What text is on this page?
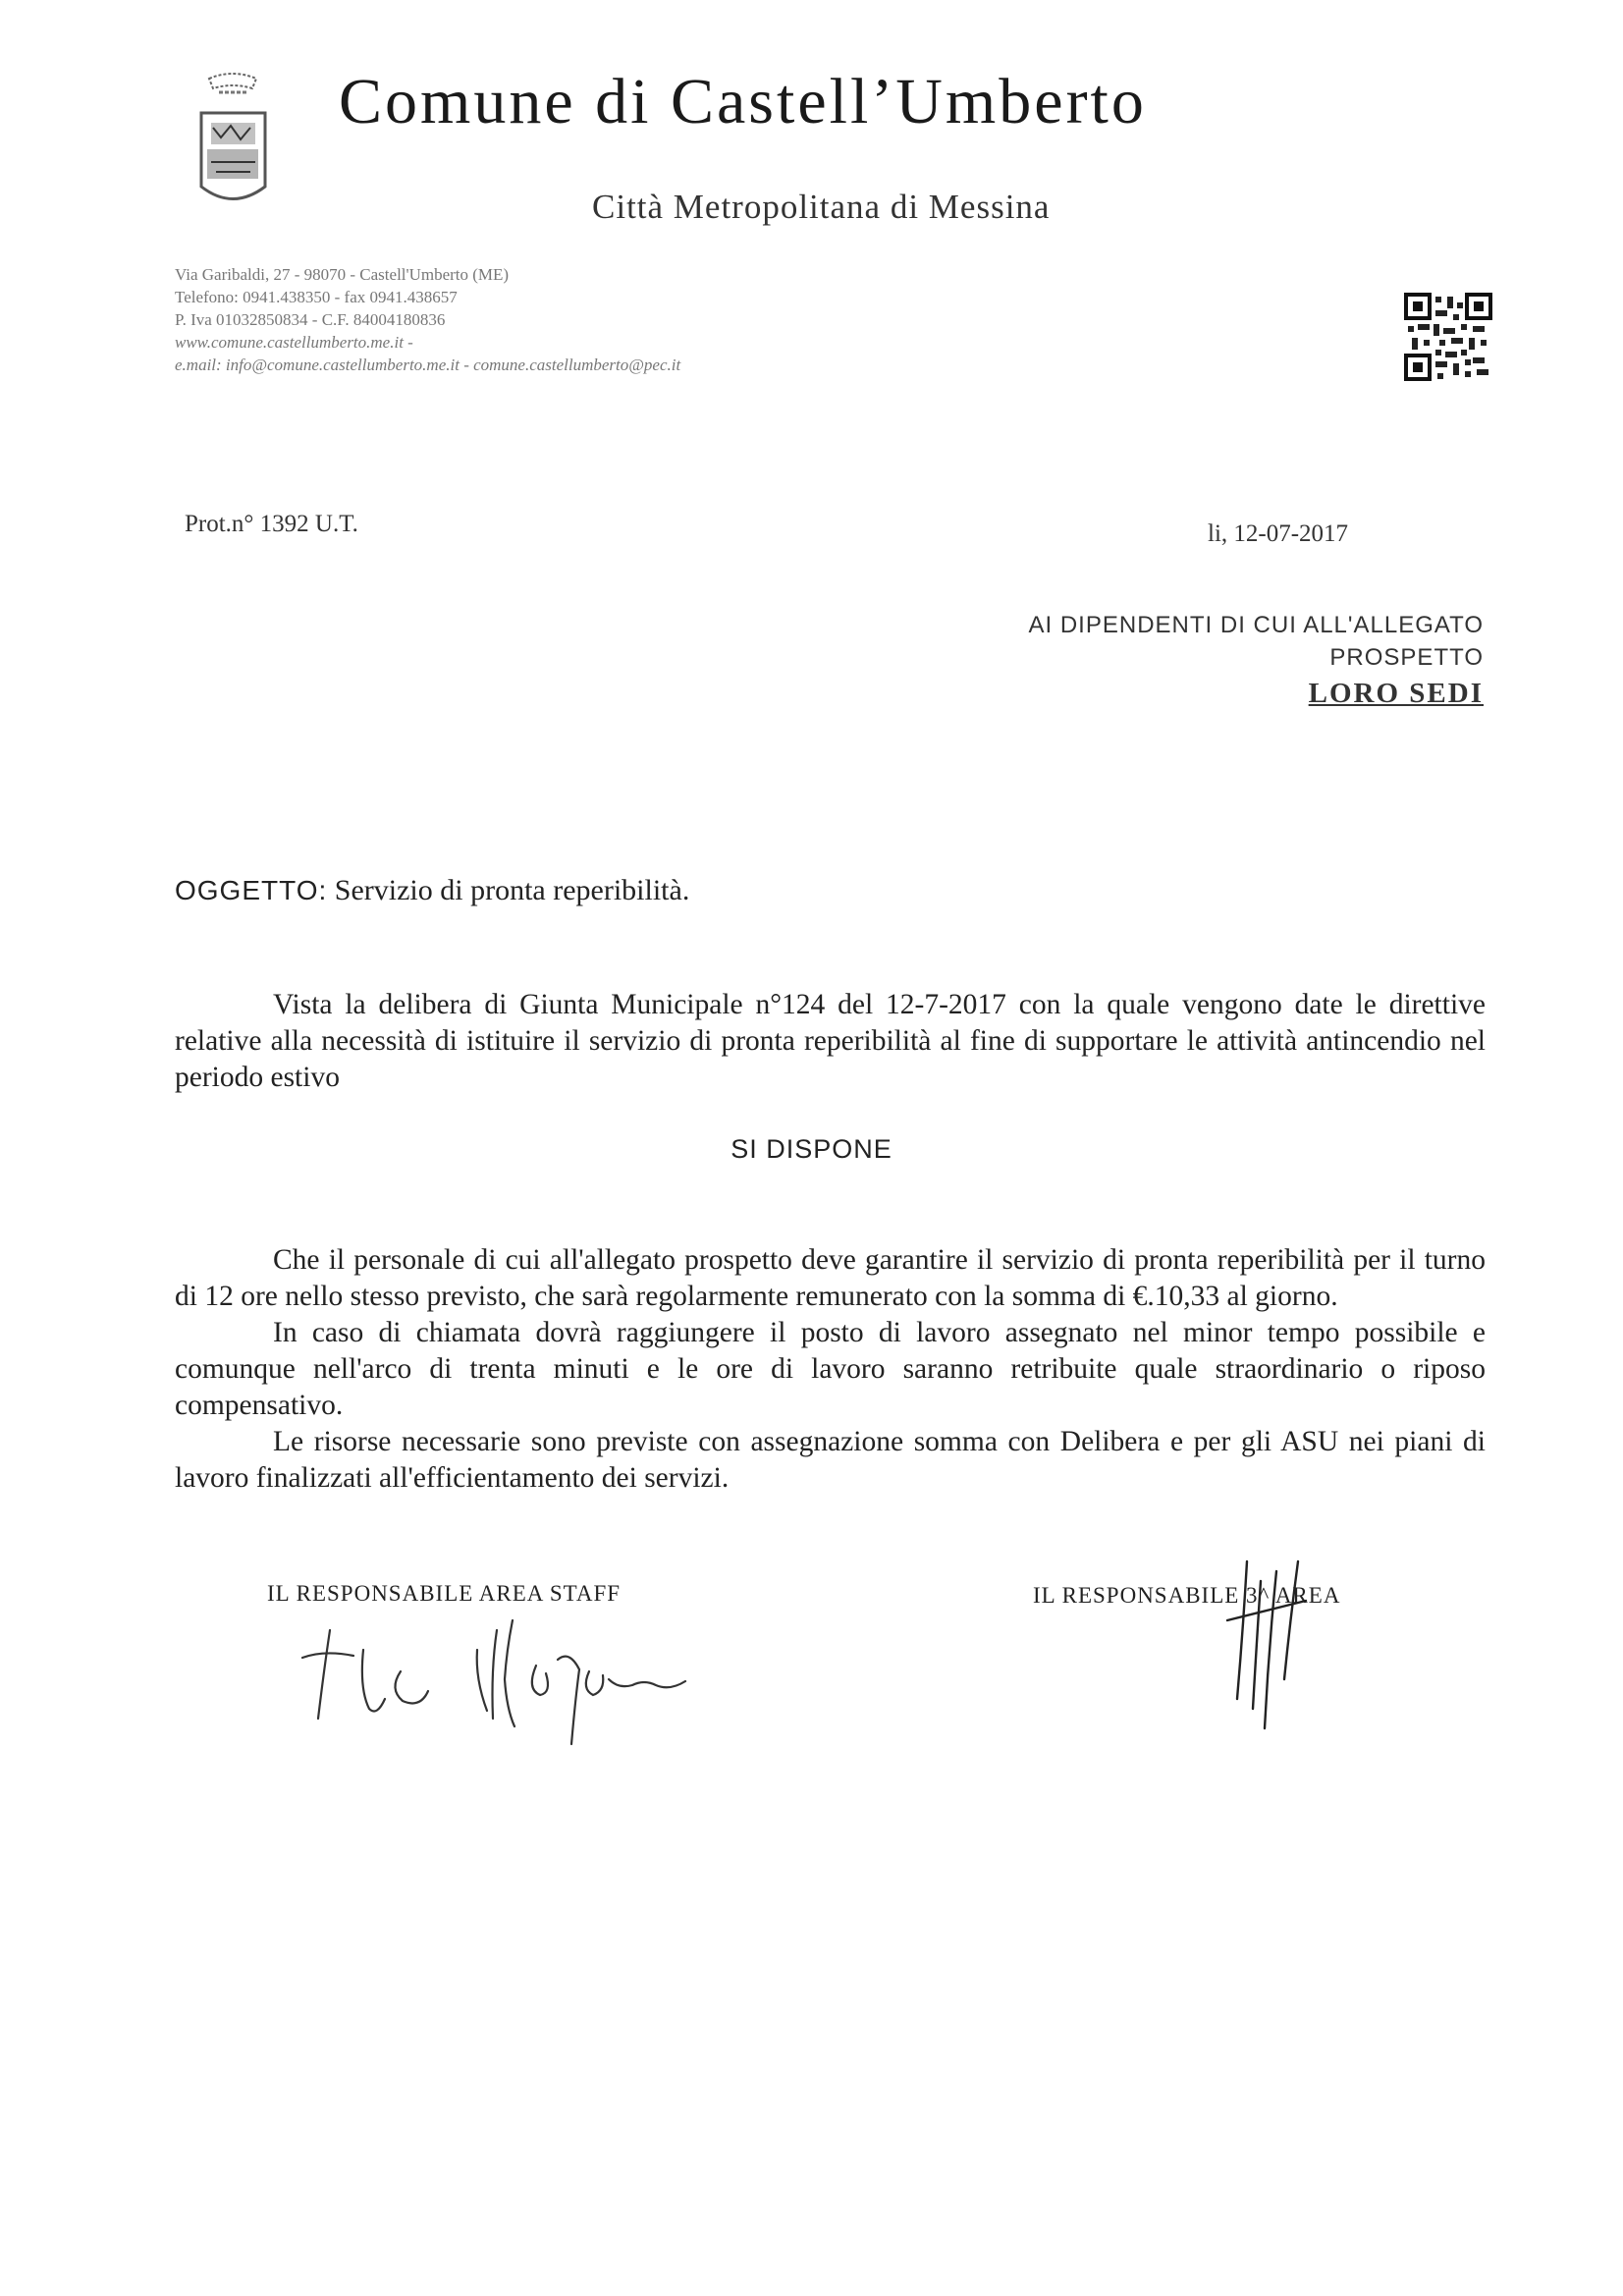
Comune di Castell’Umberto
Città Metropolitana di Messina
Via Garibaldi, 27 - 98070 - Castell'Umberto (ME)
Telefono: 0941.438350 - fax 0941.438657
P. Iva 01032850834 - C.F. 84004180836
www.comune.castellumberto.me.it -
e.mail: info@comune.castellumberto.me.it - comune.castellumberto@pec.it
Prot.n° 1392 U.T.	li, 12-07-2017
AI DIPENDENTI DI CUI ALL'ALLEGATO
PROSPETTO
LORO SEDI
OGGETTO: Servizio di pronta reperibilità.
Vista la delibera di Giunta Municipale n°124 del 12-7-2017 con la quale vengono date le direttive relative alla necessità di istituire il servizio di pronta reperibilità al fine di supportare le attività antincendio nel periodo estivo
SI DISPONE

Che il personale di cui all'allegato prospetto deve garantire il servizio di pronta reperibilità per il turno di 12 ore nello stesso previsto, che sarà regolarmente remunerato con la somma di €.10,33 al giorno.

In caso di chiamata dovrà raggiungere il posto di lavoro assegnato nel minor tempo possibile e comunque nell'arco di trenta minuti e le ore di lavoro saranno retribuite quale straordinario o riposo compensativo.

Le risorse necessarie sono previste con assegnazione somma con Delibera e per gli ASU nei piani di lavoro finalizzati all'efficientamento dei servizi.

IL RESPONSABILE AREA STAFF	IL RESPONSABILE 3^ AREA
